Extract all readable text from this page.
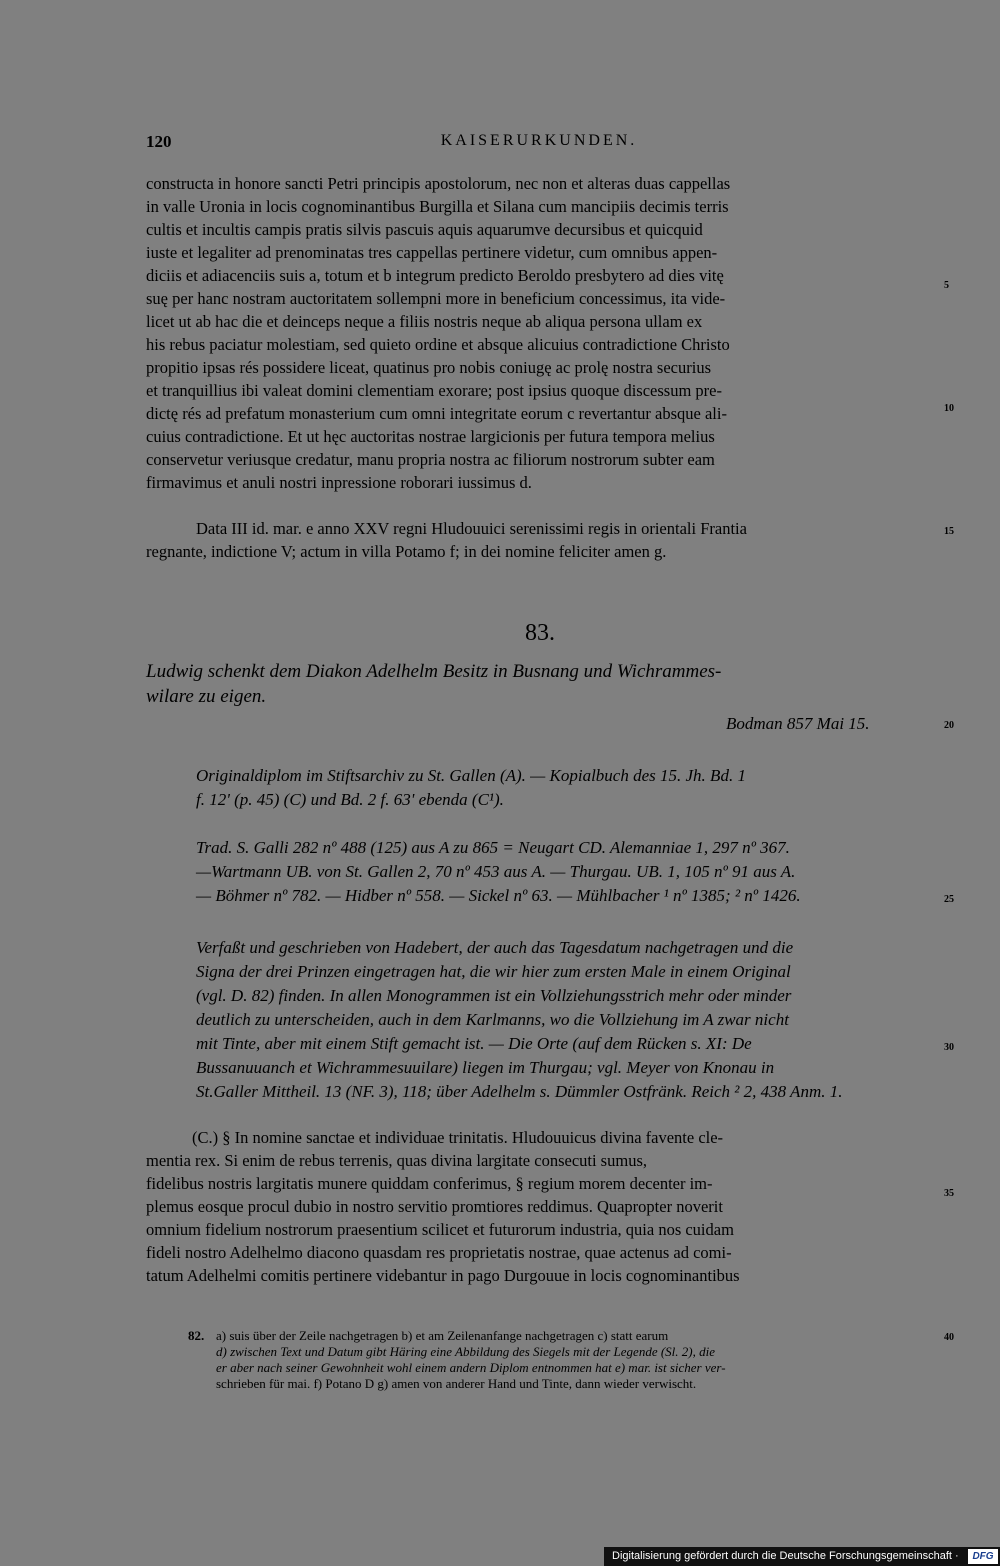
120	KAISERURKUNDEN.
constructa in honore sancti Petri principis apostolorum, nec non et alteras duas cappellas
in valle Uronia in locis cognominantibus Burgilla et Silana cum mancipiis decimis terris
cultis et incultis campis pratis silvis pascuis aquis aquarumve decursibus et quicquid
iuste et legaliter ad prenominatas tres cappellas pertinere videtur, cum omnibus appen-
diciis et adiacenciis suis a, totum et b integrum predicto Beroldo presbytero ad dies vitę
suę per hanc nostram auctoritatem sollempni more in beneficium concessimus, ita vide-
licet ut ab hac die et deinceps neque a filiis nostris neque ab aliqua persona ullam ex
his rebus paciatur molestiam, sed quieto ordine et absque alicuius contradictione Christo
propitio ipsas rés possidere liceat, quatinus pro nobis coniugę ac prolę nostra securius
et tranquillius ibi valeat domini clementiam exorare; post ipsius quoque discessum pre-
dictę rés ad prefatum monasterium cum omni integritate eorum c revertantur absque ali-
cuius contradictione. Et ut hęc auctoritas nostrae largicionis per futura tempora melius
conservetur veriusque credatur, manu propria nostra ac filiorum nostrorum subter eam
firmavimus et anuli nostri inpressione roborari iussimus d.
Data III id. mar. e anno XXV regni Hludouuici serenissimi regis in orientali Frantia
regnante, indictione V; actum in villa Potamo f; in dei nomine feliciter amen g.
5
10
15
83.
Ludwig schenkt dem Diakon Adelhelm Besitz in Busnang und Wichrammes-
wilare zu eigen.
Bodman 857 Mai 15.	20
Originaldiplom im Stiftsarchiv zu St. Gallen (A). — Kopialbuch des 15. Jh. Bd. 1
f. 12' (p. 45) (C) und Bd. 2 f. 63' ebenda (C¹).
Trad. S. Galli 282 nº 488 (125) aus A zu 865 = Neugart CD. Alemanniae 1, 297 nº 367.
—Wartmann UB. von St. Gallen 2, 70 nº 453 aus A. — Thurgau. UB. 1, 105 nº 91 aus A.
— Böhmer nº 782. — Hidber nº 558. — Sickel nº 63. — Mühlbacher ¹ nº 1385; ² nº 1426.	25
Verfaßt und geschrieben von Hadebert, der auch das Tagesdatum nachgetragen und die
Signa der drei Prinzen eingetragen hat, die wir hier zum ersten Male in einem Original
(vgl. D. 82) finden. In allen Monogrammen ist ein Vollziehungsstrich mehr oder minder
deutlich zu unterscheiden, auch in dem Karlmanns, wo die Vollziehung im A zwar nicht
mit Tinte, aber mit einem Stift gemacht ist. — Die Orte (auf dem Rücken s. XI: De
Bussanuuanch et Wichrammesuuilare) liegen im Thurgau; vgl. Meyer von Knonau in
St.Galler Mittheil. 13 (NF. 3), 118; über Adelhelm s. Dümmler Ostfränk. Reich ² 2, 438 Anm. 1.
30
(C.) § In nomine sanctae et individuae trinitatis. Hludouuicus divina favente cle-
mentia rex. Si enim de rebus terrenis, quas divina largitate consecuti sumus,
fidelibus nostris largitatis munere quiddam conferimus, § regium morem decenter im-
plemus eosque procul dubio in nostro servitio promtiores reddimus. Quapropter noverit
omnium fidelium nostrorum praesentium scilicet et futurorum industria, quia nos cuidam
fideli nostro Adelhelmo diacono quasdam res proprietatis nostrae, quae actenus ad comi-
tatum Adelhelmi comitis pertinere videbantur in pago Durgouue in locis cognominantibus
35
82. a) suis über der Zeile nachgetragen b) et am Zeilenanfange nachgetragen c) statt earum
d) zwischen Text und Datum gibt Häring eine Abbildung des Siegels mit der Legende (Sl. 2), die
er aber nach seiner Gewohnheit wohl einem andern Diplom entnommen hat e) mar. ist sicher ver-
schrieben für mai. f) Potano D g) amen von anderer Hand und Tinte, dann wieder verwischt.
40
Digitalisierung gefördert durch die Deutsche Forschungsgemeinschaft ·	DFG
